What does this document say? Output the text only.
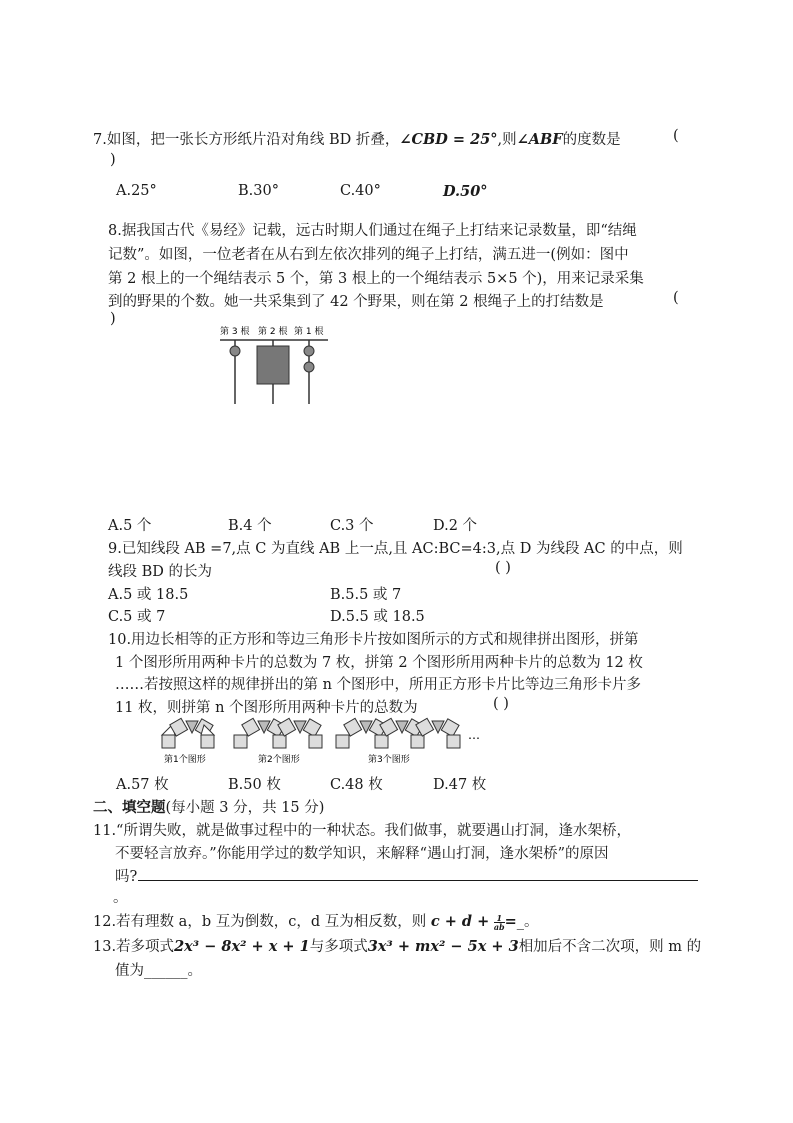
7.如图，把一张长方形纸片沿对角线 BD 折叠，∠CBD = 25°,则∠ABF的度数是	(
)
A.25°	B.30°	C.40°	D.50°
8.据我国古代《易经》记载，远古时期人们通过在绳子上打结来记录数量，即“结绳
记数”。如图，一位老者在从右到左依次排列的绳子上打结，满五进一(例如：图中
第 2 根上的一个绳结表示 5 个，第 3 根上的一个绳结表示 5×5 个)，用来记录采集
到的野果的个数。她一共采集到了 42 个野果，则在第 2 根绳子上的打结数是	(
)
第 3 根 第 2 根 第 1 根
A.5 个	B.4 个	C.3 个	D.2 个
9.已知线段 AB =7,点 C 为直线 AB 上一点,且 AC:BC=4:3,点 D 为线段 AC 的中点，则
线段 BD 的长为	( )
A.5 或 18.5	B.5.5 或 7
C.5 或 7	D.5.5 或 18.5
10.用边长相等的正方形和等边三角形卡片按如图所示的方式和规律拼出图形，拼第
1 个图形所用两种卡片的总数为 7 枚，拼第 2 个图形所用两种卡片的总数为 12 枚
……若按照这样的规律拼出的第 n 个图形中，所用正方形卡片比等边三角形卡片多
11 枚，则拼第 n 个图形所用两种卡片的总数为	( )
第1个图形	第2个图形	第3个图形
…
A.57 枚	B.50 枚	C.48 枚	D.47 枚
二、填空题(每小题 3 分，共 15 分)
11.“所谓失败，就是做事过程中的一种状态。我们做事，就要遇山打洞，逢水架桥，
不要轻言放弃。”你能用学过的数学知识，来解释“遇山打洞，逢水架桥”的原因
吗?
。
12.若有理数 a，b 互为倒数，c，d 互为相反数，则 $c + d + \frac{1}{ab}$ =_。
13.若多项式2x³ − 8x² + x + 1与多项式3x³ + mx² − 5x + 3相加后不含二次项，则 m 的
值为______。
